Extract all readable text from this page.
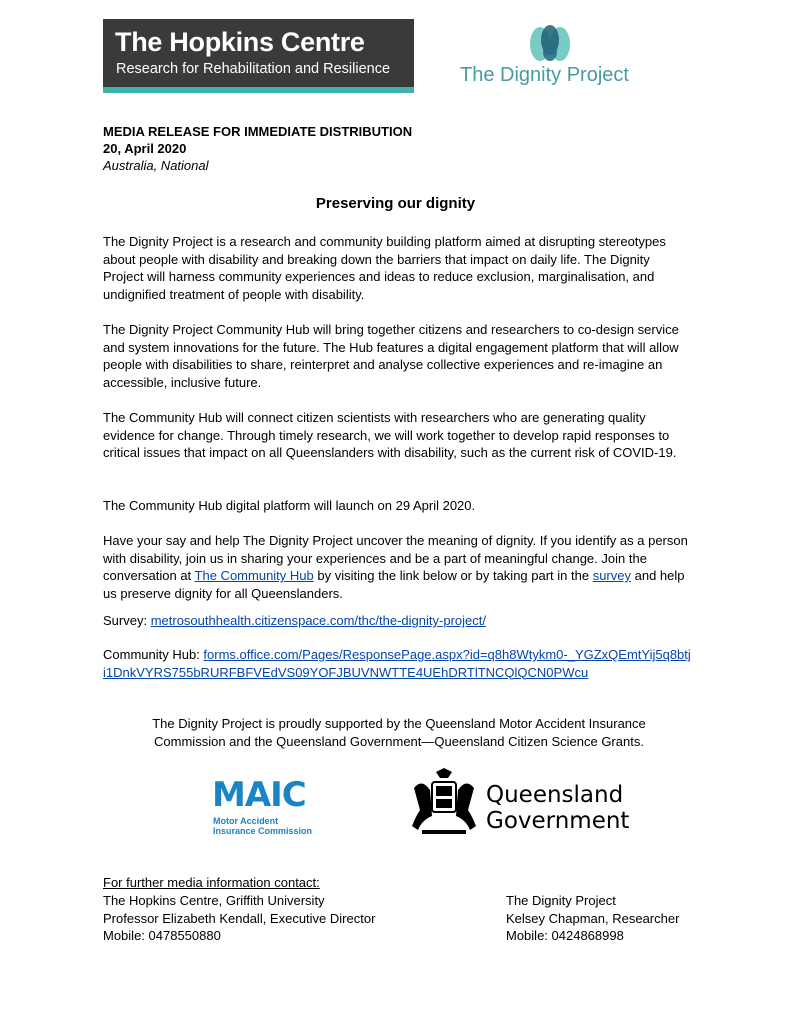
The Hopkins Centre
Research for Rehabilitation and Resilience	The Dignity Project
MEDIA RELEASE FOR IMMEDIATE DISTRIBUTION
20, April 2020
Australia, National
Preserving our dignity
The Dignity Project is a research and community building platform aimed at disrupting stereotypes about people with disability and breaking down the barriers that impact on daily life. The Dignity Project will harness community experiences and ideas to reduce exclusion, marginalisation, and undignified treatment of people with disability.
The Dignity Project Community Hub will bring together citizens and researchers to co-design service and system innovations for the future. The Hub features a digital engagement platform that will allow people with disabilities to share, reinterpret and analyse collective experiences and re-imagine an accessible, inclusive future.
The Community Hub will connect citizen scientists with researchers who are generating quality evidence for change. Through timely research, we will work together to develop rapid responses to critical issues that impact on all Queenslanders with disability, such as the current risk of COVID-19.
The Community Hub digital platform will launch on 29 April 2020.
Have your say and help The Dignity Project uncover the meaning of dignity. If you identify as a person with disability, join us in sharing your experiences and be a part of meaningful change. Join the conversation at The Community Hub by visiting the link below or by taking part in the survey and help us preserve dignity for all Queenslanders.
Survey: metrosouthhealth.citizenspace.com/thc/the-dignity-project/
Community Hub: forms.office.com/Pages/ResponsePage.aspx?id=q8h8Wtykm0-_YGZxQEmtYij5q8btji1DnkVYRS755bRURFBFVEdVS09YOFJBUVNWTTE4UEhDRTlTNCQlQCN0PWcu
The Dignity Project is proudly supported by the Queensland Motor Accident Insurance Commission and the Queensland Government—Queensland Citizen Science Grants.
MAIC
Motor Accident
Insurance Commission
Queensland
Government
For further media information contact:
The Hopkins Centre, Griffith University
Professor Elizabeth Kendall, Executive Director
Mobile: 0478550880
The Dignity Project
Kelsey Chapman, Researcher
Mobile: 0424868998
